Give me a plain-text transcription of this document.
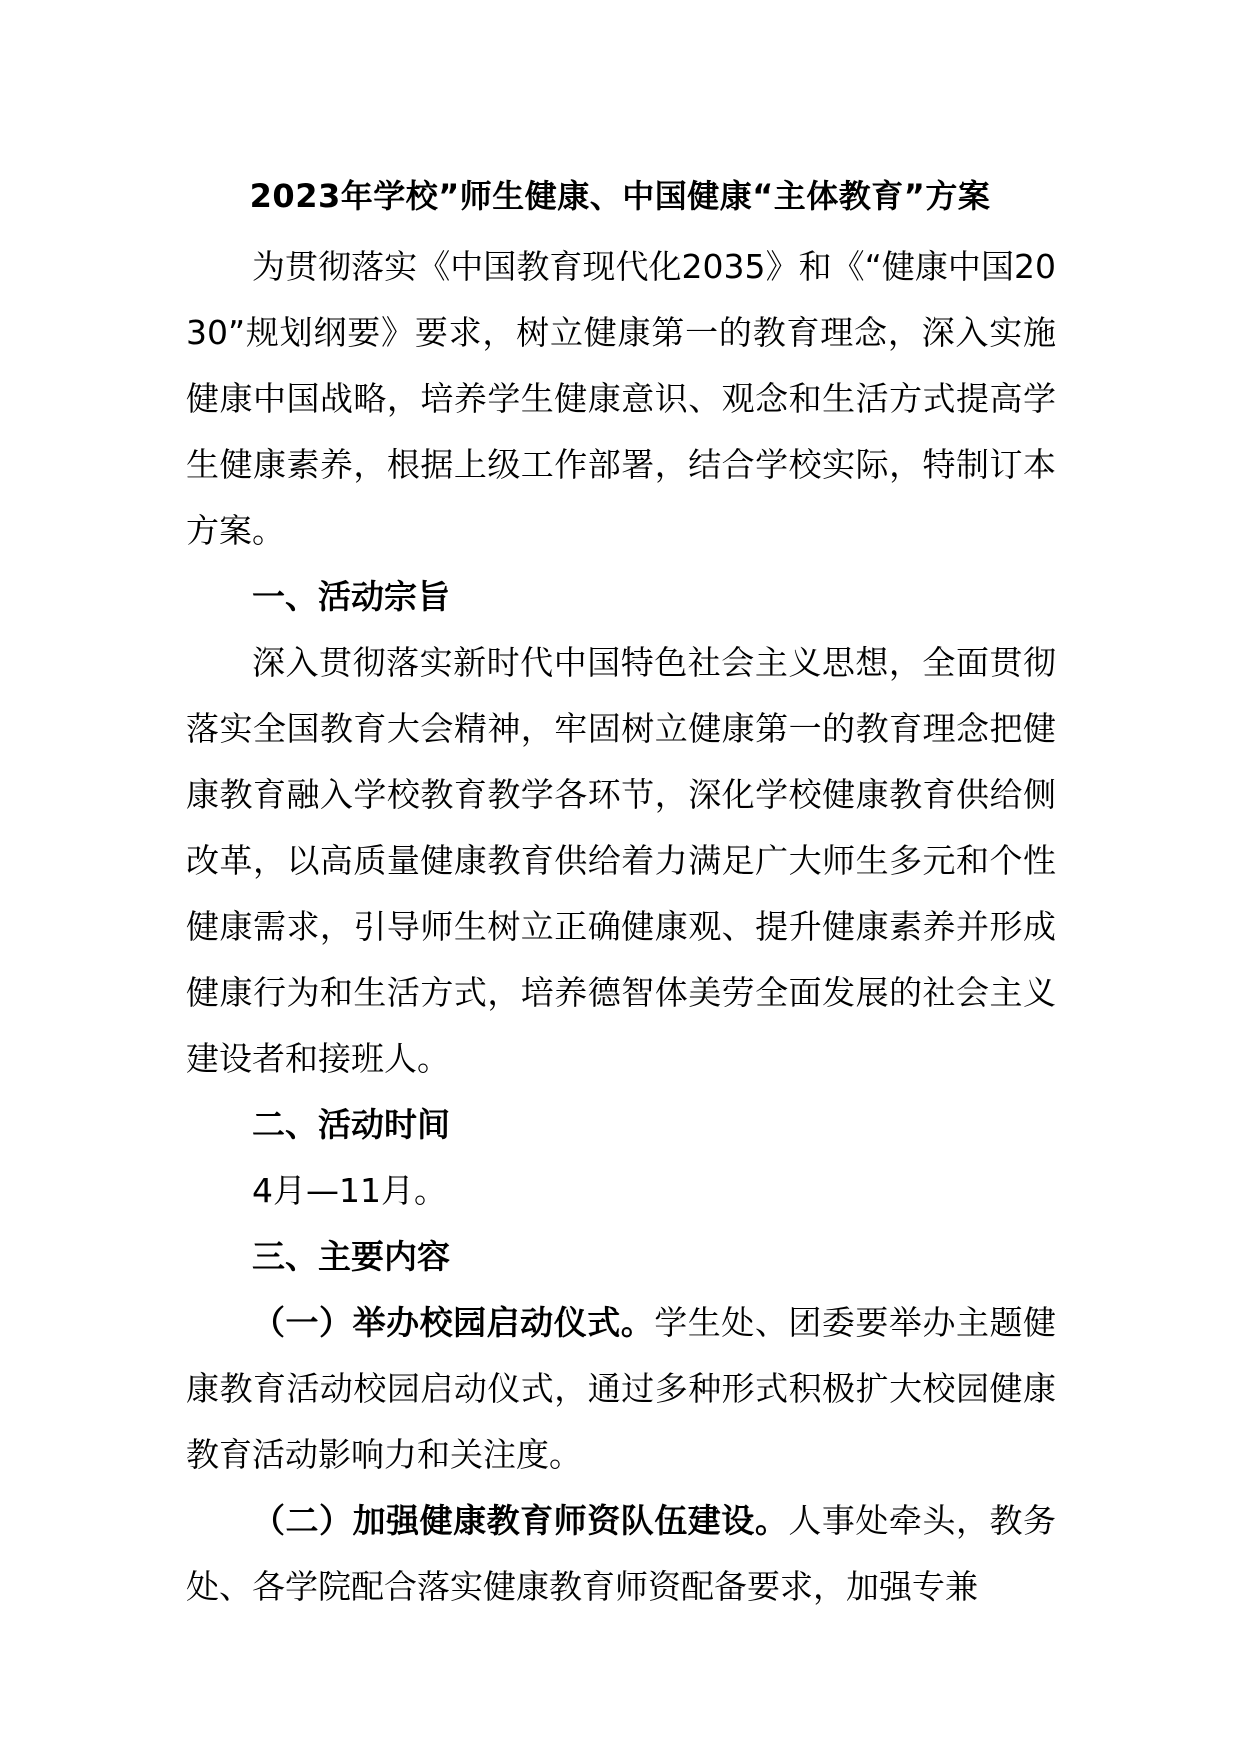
2023年学校”师生健康、中国健康“主体教育”方案

为贯彻落实《中国教育现代化2035》和《“健康中国2030”规划纲要》要求，树立健康第一的教育理念，深入实施健康中国战略，培养学生健康意识、观念和生活方式提高学生健康素养，根据上级工作部署，结合学校实际，特制订本方案。

一、活动宗旨

深入贯彻落实新时代中国特色社会主义思想，全面贯彻落实全国教育大会精神，牢固树立健康第一的教育理念把健康教育融入学校教育教学各环节，深化学校健康教育供给侧改革，以高质量健康教育供给着力满足广大师生多元和个性健康需求，引导师生树立正确健康观、提升健康素养并形成健康行为和生活方式，培养德智体美劳全面发展的社会主义建设者和接班人。

二、活动时间

4月—11月。

三、主要内容

（一）举办校园启动仪式。学生处、团委要举办主题健康教育活动校园启动仪式，通过多种形式积极扩大校园健康教育活动影响力和关注度。

（二）加强健康教育师资队伍建设。人事处牵头，教务处、各学院配合落实健康教育师资配备要求，加强专兼
